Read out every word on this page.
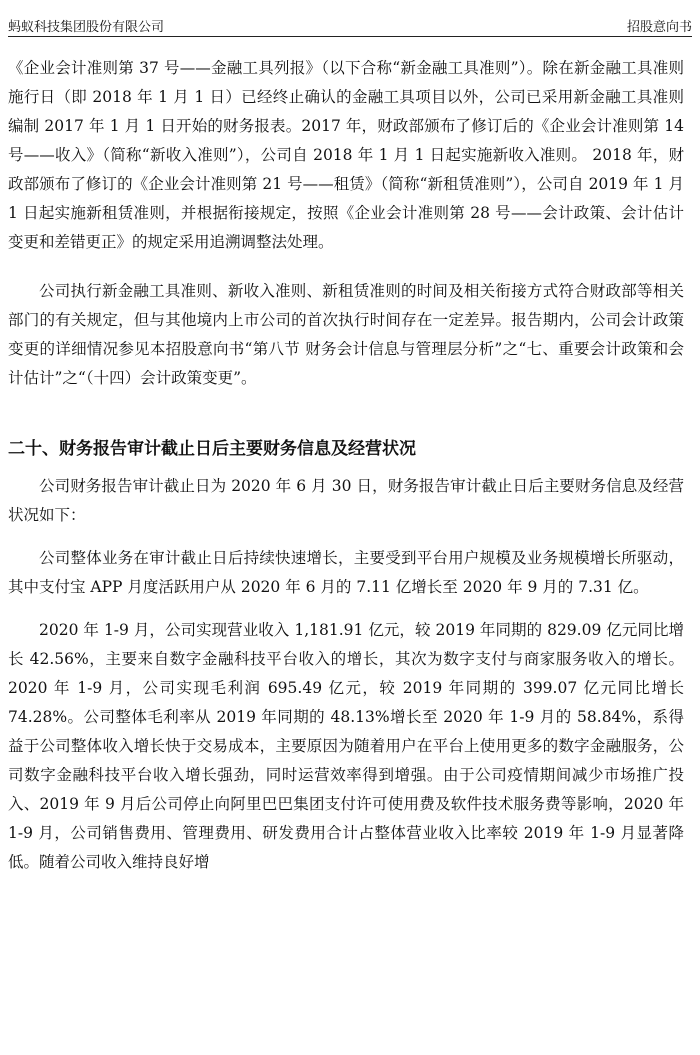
蚂蚁科技集团股份有限公司	招股意向书

《企业会计准则第 37 号——金融工具列报》（以下合称“新金融工具准则”）。除在新金融工具准则施行日（即 2018 年 1 月 1 日）已经终止确认的金融工具项目以外，公司已采用新金融工具准则编制 2017 年 1 月 1 日开始的财务报表。2017 年，财政部颁布了修订后的《企业会计准则第 14 号——收入》（简称“新收入准则”），公司自 2018 年 1 月 1 日起实施新收入准则。 2018 年，财政部颁布了修订的《企业会计准则第 21 号——租赁》（简称“新租赁准则”），公司自 2019 年 1 月 1 日起实施新租赁准则，并根据衔接规定，按照《企业会计准则第 28 号——会计政策、会计估计变更和差错更正》的规定采用追溯调整法处理。

公司执行新金融工具准则、新收入准则、新租赁准则的时间及相关衔接方式符合财政部等相关部门的有关规定，但与其他境内上市公司的首次执行时间存在一定差异。报告期内，公司会计政策变更的详细情况参见本招股意向书“第八节 财务会计信息与管理层分析”之“七、重要会计政策和会计估计”之“（十四）会计政策变更”。

二十、财务报告审计截止日后主要财务信息及经营状况

公司财务报告审计截止日为 2020 年 6 月 30 日，财务报告审计截止日后主要财务信息及经营状况如下：

公司整体业务在审计截止日后持续快速增长，主要受到平台用户规模及业务规模增长所驱动，其中支付宝 APP 月度活跃用户从 2020 年 6 月的 7.11 亿增长至 2020 年 9 月的 7.31 亿。

2020 年 1-9 月，公司实现营业收入 1,181.91 亿元，较 2019 年同期的 829.09 亿元同比增长 42.56%，主要来自数字金融科技平台收入的增长，其次为数字支付与商家服务收入的增长。2020 年 1-9 月，公司实现毛利润 695.49 亿元，较 2019 年同期的 399.07 亿元同比增长 74.28%。公司整体毛利率从 2019 年同期的 48.13%增长至 2020 年 1-9 月的 58.84%，系得益于公司整体收入增长快于交易成本，主要原因为随着用户在平台上使用更多的数字金融服务，公司数字金融科技平台收入增长强劲，同时运营效率得到增强。由于公司疫情期间减少市场推广投入、2019 年 9 月后公司停止向阿里巴巴集团支付许可使用费及软件技术服务费等影响，2020 年 1-9 月，公司销售费用、管理费用、研发费用合计占整体营业收入比率较 2019 年 1-9 月显著降低。随着公司收入维持良好增
